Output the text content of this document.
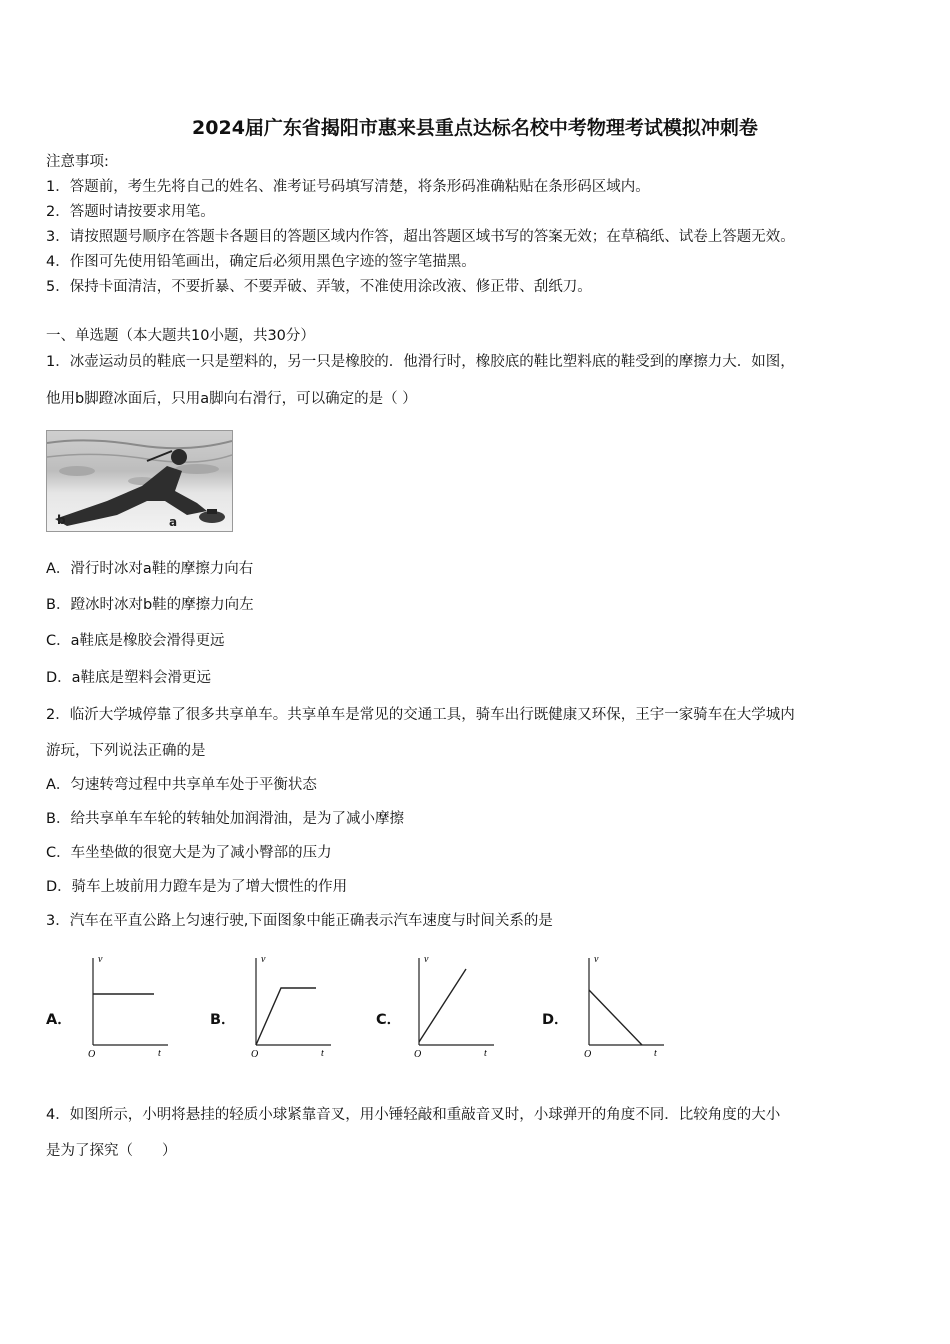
2024届广东省揭阳市惠来县重点达标名校中考物理考试模拟冲刺卷
注意事项:
1．答题前，考生先将自己的姓名、准考证号码填写清楚，将条形码准确粘贴在条形码区域内。
2．答题时请按要求用笔。
3．请按照题号顺序在答题卡各题目的答题区域内作答，超出答题区域书写的答案无效；在草稿纸、试卷上答题无效。
4．作图可先使用铅笔画出，确定后必须用黑色字迹的签字笔描黑。
5．保持卡面清洁，不要折暴、不要弄破、弄皱，不准使用涂改液、修正带、刮纸刀。
一、单选题（本大题共10小题，共30分）
1．冰壶运动员的鞋底一只是塑料的，另一只是橡胶的．他滑行时，橡胶底的鞋比塑料底的鞋受到的摩擦力大．如图，
他用b脚蹬冰面后，只用a脚向右滑行，可以确定的是（ ）
b	a
A．滑行时冰对a鞋的摩擦力向右
B．蹬冰时冰对b鞋的摩擦力向左
C．a鞋底是橡胶会滑得更远
D．a鞋底是塑料会滑更远
2．临沂大学城停靠了很多共享单车。共享单车是常见的交通工具，骑车出行既健康又环保，王宇一家骑车在大学城内
游玩，下列说法正确的是
A．匀速转弯过程中共享单车处于平衡状态
B．给共享单车车轮的转轴处加润滑油，是为了减小摩擦
C．车坐垫做的很宽大是为了减小臀部的压力
D．骑车上坡前用力蹬车是为了增大惯性的作用
3．汽车在平直公路上匀速行驶,下面图象中能正确表示汽车速度与时间关系的是
A．
v
t
O
B．
v
t
O
C．
v
t
O
D．
v
t
O
4．如图所示，小明将悬挂的轻质小球紧靠音叉，用小锤轻敲和重敲音叉时，小球弹开的角度不同．比较角度的大小
是为了探究（　　）
